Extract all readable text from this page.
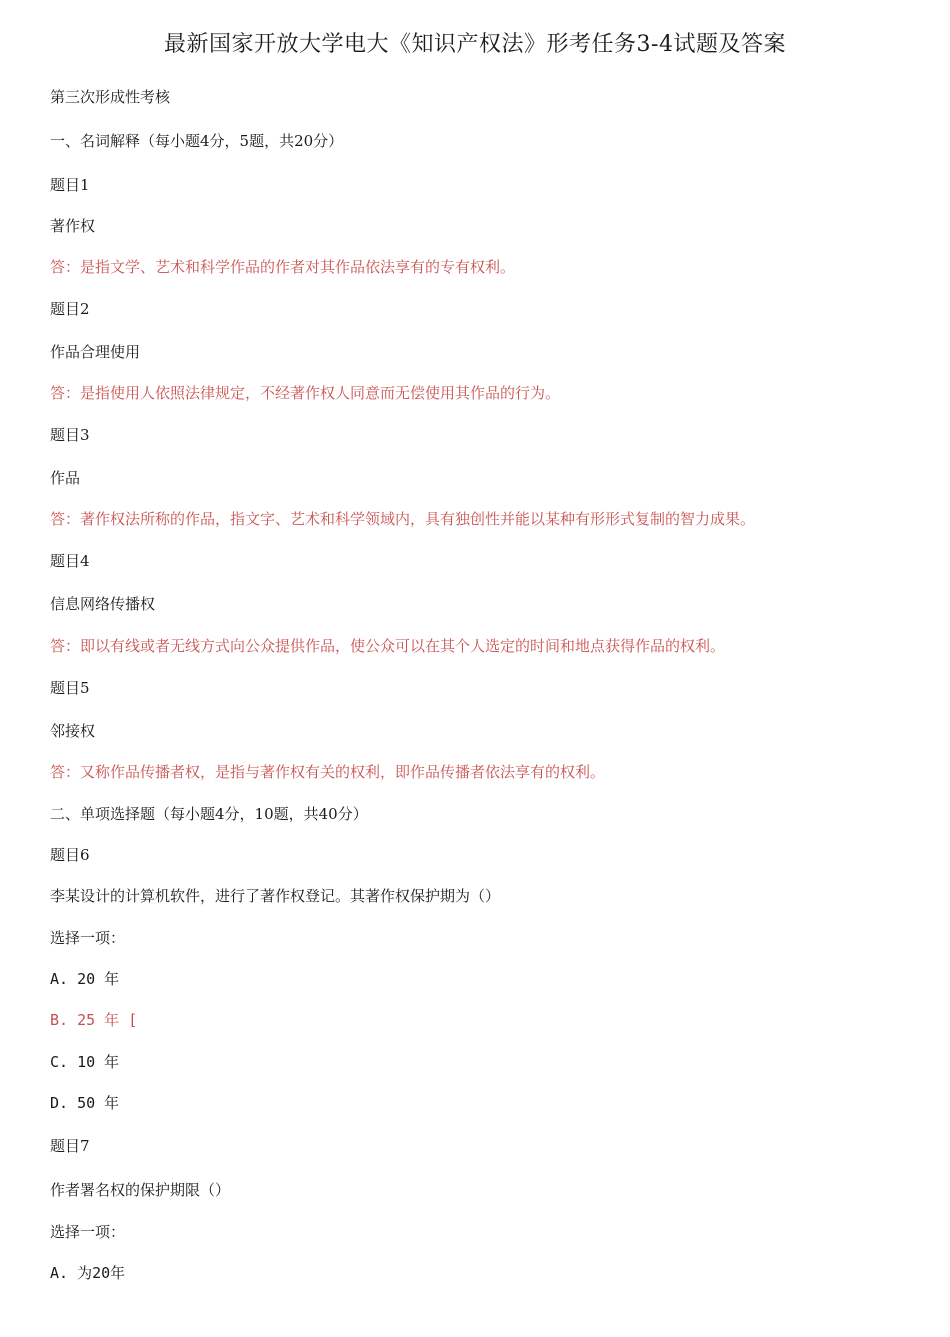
最新国家开放大学电大《知识产权法》形考任务3-4试题及答案
第三次形成性考核
一、名词解释（每小题4分，5题，共20分）
题目1
著作权
答：是指文学、艺术和科学作品的作者对其作品依法享有的专有权利。
题目2
作品合理使用
答：是指使用人依照法律规定，不经著作权人同意而无偿使用其作品的行为。
题目3
作品
答：著作权法所称的作品，指文字、艺术和科学领域内，具有独创性并能以某种有形形式复制的智力成果。
题目4
信息网络传播权
答：即以有线或者无线方式向公众提供作品，使公众可以在其个人选定的时间和地点获得作品的权利。
题目5
邻接权
答：又称作品传播者权，是指与著作权有关的权利，即作品传播者依法享有的权利。
二、单项选择题（每小题4分，10题，共40分）
题目6
李某设计的计算机软件，进行了著作权登记。其著作权保护期为（）
选择一项：
A. 20 年
B. 25 年 [
C. 10 年
D. 50 年
题目7
作者署名权的保护期限（）
选择一项：
A. 为20年
